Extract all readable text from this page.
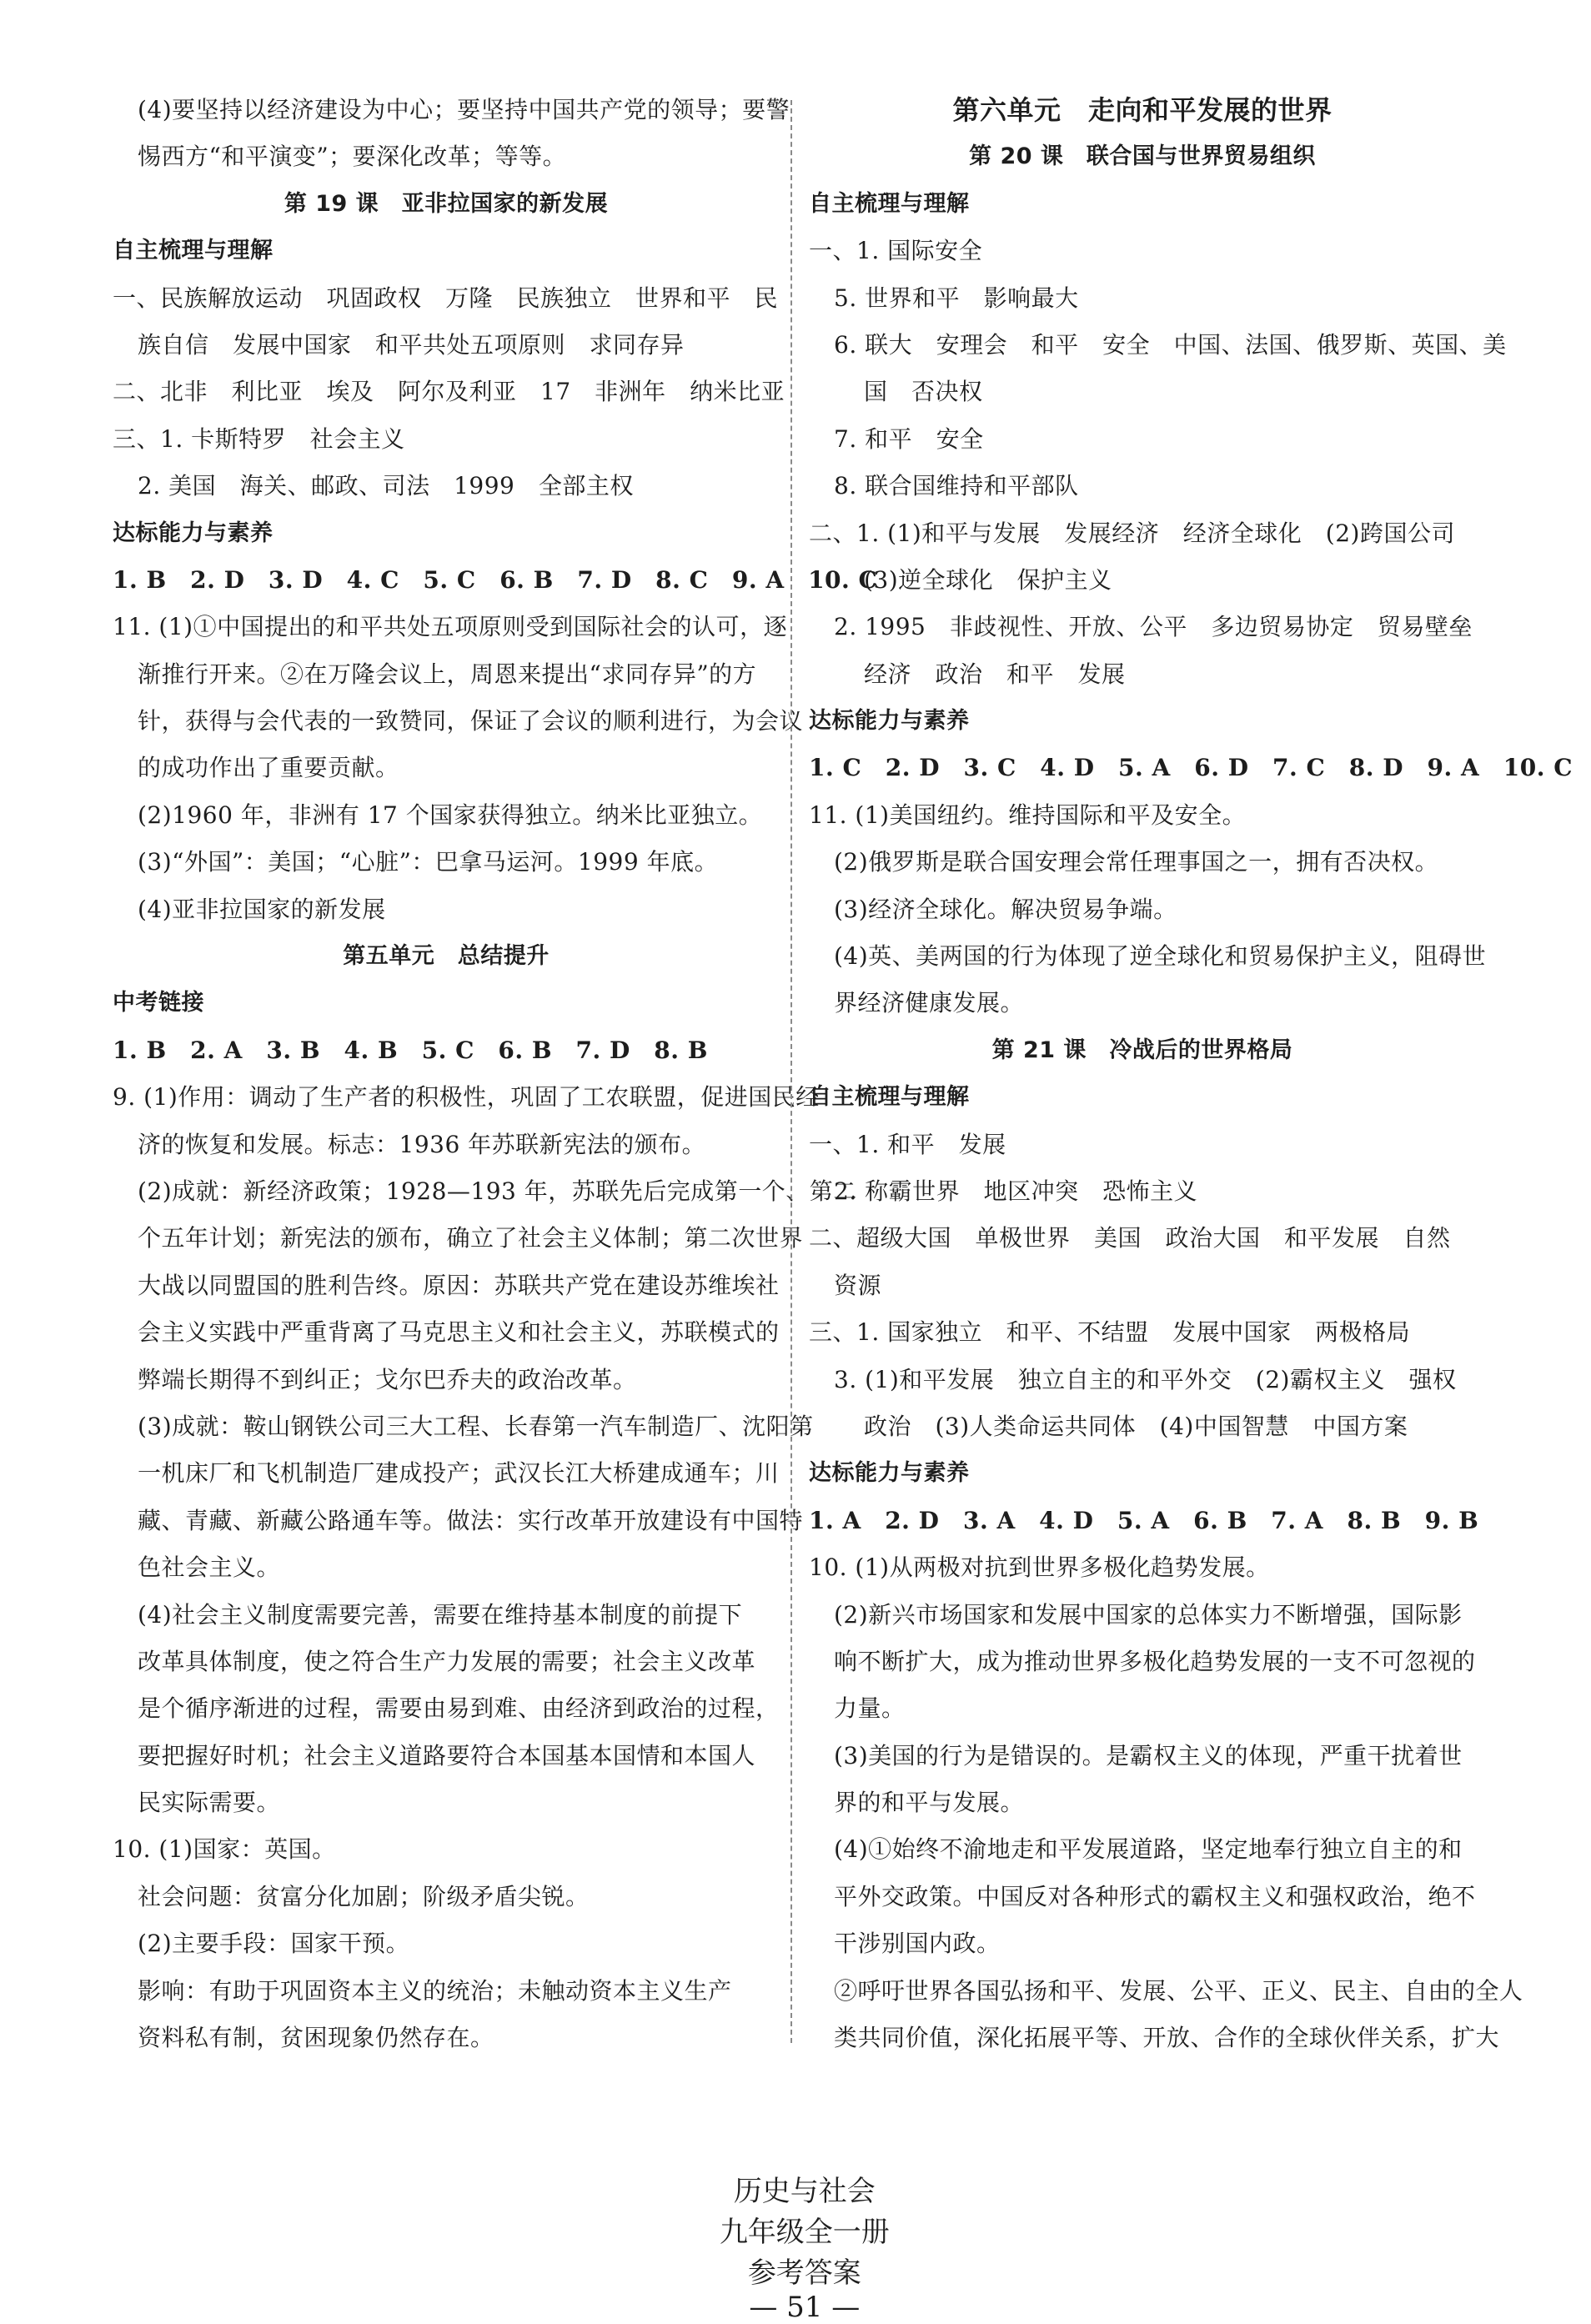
(4)要坚持以经济建设为中心；要坚持中国共产党的领导；要警
惕西方“和平演变”；要深化改革；等等。
第 19 课　亚非拉国家的新发展
自主梳理与理解
一、民族解放运动　巩固政权　万隆　民族独立　世界和平　民
族自信　发展中国家　和平共处五项原则　求同存异
二、北非　利比亚　埃及　阿尔及利亚　17　非洲年　纳米比亚
三、1. 卡斯特罗　社会主义
2. 美国　海关、邮政、司法　1999　全部主权
达标能力与素养
1. B　2. D　3. D　4. C　5. C　6. B　7. D　8. C　9. A　10. C
11. (1)①中国提出的和平共处五项原则受到国际社会的认可，逐
渐推行开来。②在万隆会议上，周恩来提出“求同存异”的方
针，获得与会代表的一致赞同，保证了会议的顺利进行，为会议
的成功作出了重要贡献。
(2)1960 年，非洲有 17 个国家获得独立。纳米比亚独立。
(3)“外国”：美国；“心脏”：巴拿马运河。1999 年底。
(4)亚非拉国家的新发展
第五单元　总结提升
中考链接
1. B　2. A　3. B　4. B　5. C　6. B　7. D　8. B
9. (1)作用：调动了生产者的积极性，巩固了工农联盟，促进国民经
济的恢复和发展。标志：1936 年苏联新宪法的颁布。
(2)成就：新经济政策；1928—193 年，苏联先后完成第一个、第二
个五年计划；新宪法的颁布，确立了社会主义体制；第二次世界
大战以同盟国的胜利告终。原因：苏联共产党在建设苏维埃社
会主义实践中严重背离了马克思主义和社会主义，苏联模式的
弊端长期得不到纠正；戈尔巴乔夫的政治改革。
(3)成就：鞍山钢铁公司三大工程、长春第一汽车制造厂、沈阳第
一机床厂和飞机制造厂建成投产；武汉长江大桥建成通车；川
藏、青藏、新藏公路通车等。做法：实行改革开放建设有中国特
色社会主义。
(4)社会主义制度需要完善，需要在维持基本制度的前提下
改革具体制度，使之符合生产力发展的需要；社会主义改革
是个循序渐进的过程，需要由易到难、由经济到政治的过程，
要把握好时机；社会主义道路要符合本国基本国情和本国人
民实际需要。
10. (1)国家：英国。
社会问题：贫富分化加剧；阶级矛盾尖锐。
(2)主要手段：国家干预。
影响：有助于巩固资本主义的统治；未触动资本主义生产
资料私有制，贫困现象仍然存在。
第六单元　走向和平发展的世界
第 20 课　联合国与世界贸易组织
自主梳理与理解
一、1. 国际安全
5. 世界和平　影响最大
6. 联大　安理会　和平　安全　中国、法国、俄罗斯、英国、美
国　否决权
7. 和平　安全
8. 联合国维持和平部队
二、1. (1)和平与发展　发展经济　经济全球化　(2)跨国公司
(3)逆全球化　保护主义
2. 1995　非歧视性、开放、公平　多边贸易协定　贸易壁垒
经济　政治　和平　发展
达标能力与素养
1. C　2. D　3. C　4. D　5. A　6. D　7. C　8. D　9. A　10. C
11. (1)美国纽约。维持国际和平及安全。
(2)俄罗斯是联合国安理会常任理事国之一，拥有否决权。
(3)经济全球化。解决贸易争端。
(4)英、美两国的行为体现了逆全球化和贸易保护主义，阻碍世
界经济健康发展。
第 21 课　冷战后的世界格局
自主梳理与理解
一、1. 和平　发展
2. 称霸世界　地区冲突　恐怖主义
二、超级大国　单极世界　美国　政治大国　和平发展　自然
资源
三、1. 国家独立　和平、不结盟　发展中国家　两极格局
3. (1)和平发展　独立自主的和平外交　(2)霸权主义　强权
政治　(3)人类命运共同体　(4)中国智慧　中国方案
达标能力与素养
1. A　2. D　3. A　4. D　5. A　6. B　7. A　8. B　9. B
10. (1)从两极对抗到世界多极化趋势发展。
(2)新兴市场国家和发展中国家的总体实力不断增强，国际影
响不断扩大，成为推动世界多极化趋势发展的一支不可忽视的
力量。
(3)美国的行为是错误的。是霸权主义的体现，严重干扰着世
界的和平与发展。
(4)①始终不渝地走和平发展道路，坚定地奉行独立自主的和
平外交政策。中国反对各种形式的霸权主义和强权政治，绝不
干涉别国内政。
②呼吁世界各国弘扬和平、发展、公平、正义、民主、自由的全人
类共同价值，深化拓展平等、开放、合作的全球伙伴关系，扩大

历史与社会
九年级全一册
参考答案
— 51 —
